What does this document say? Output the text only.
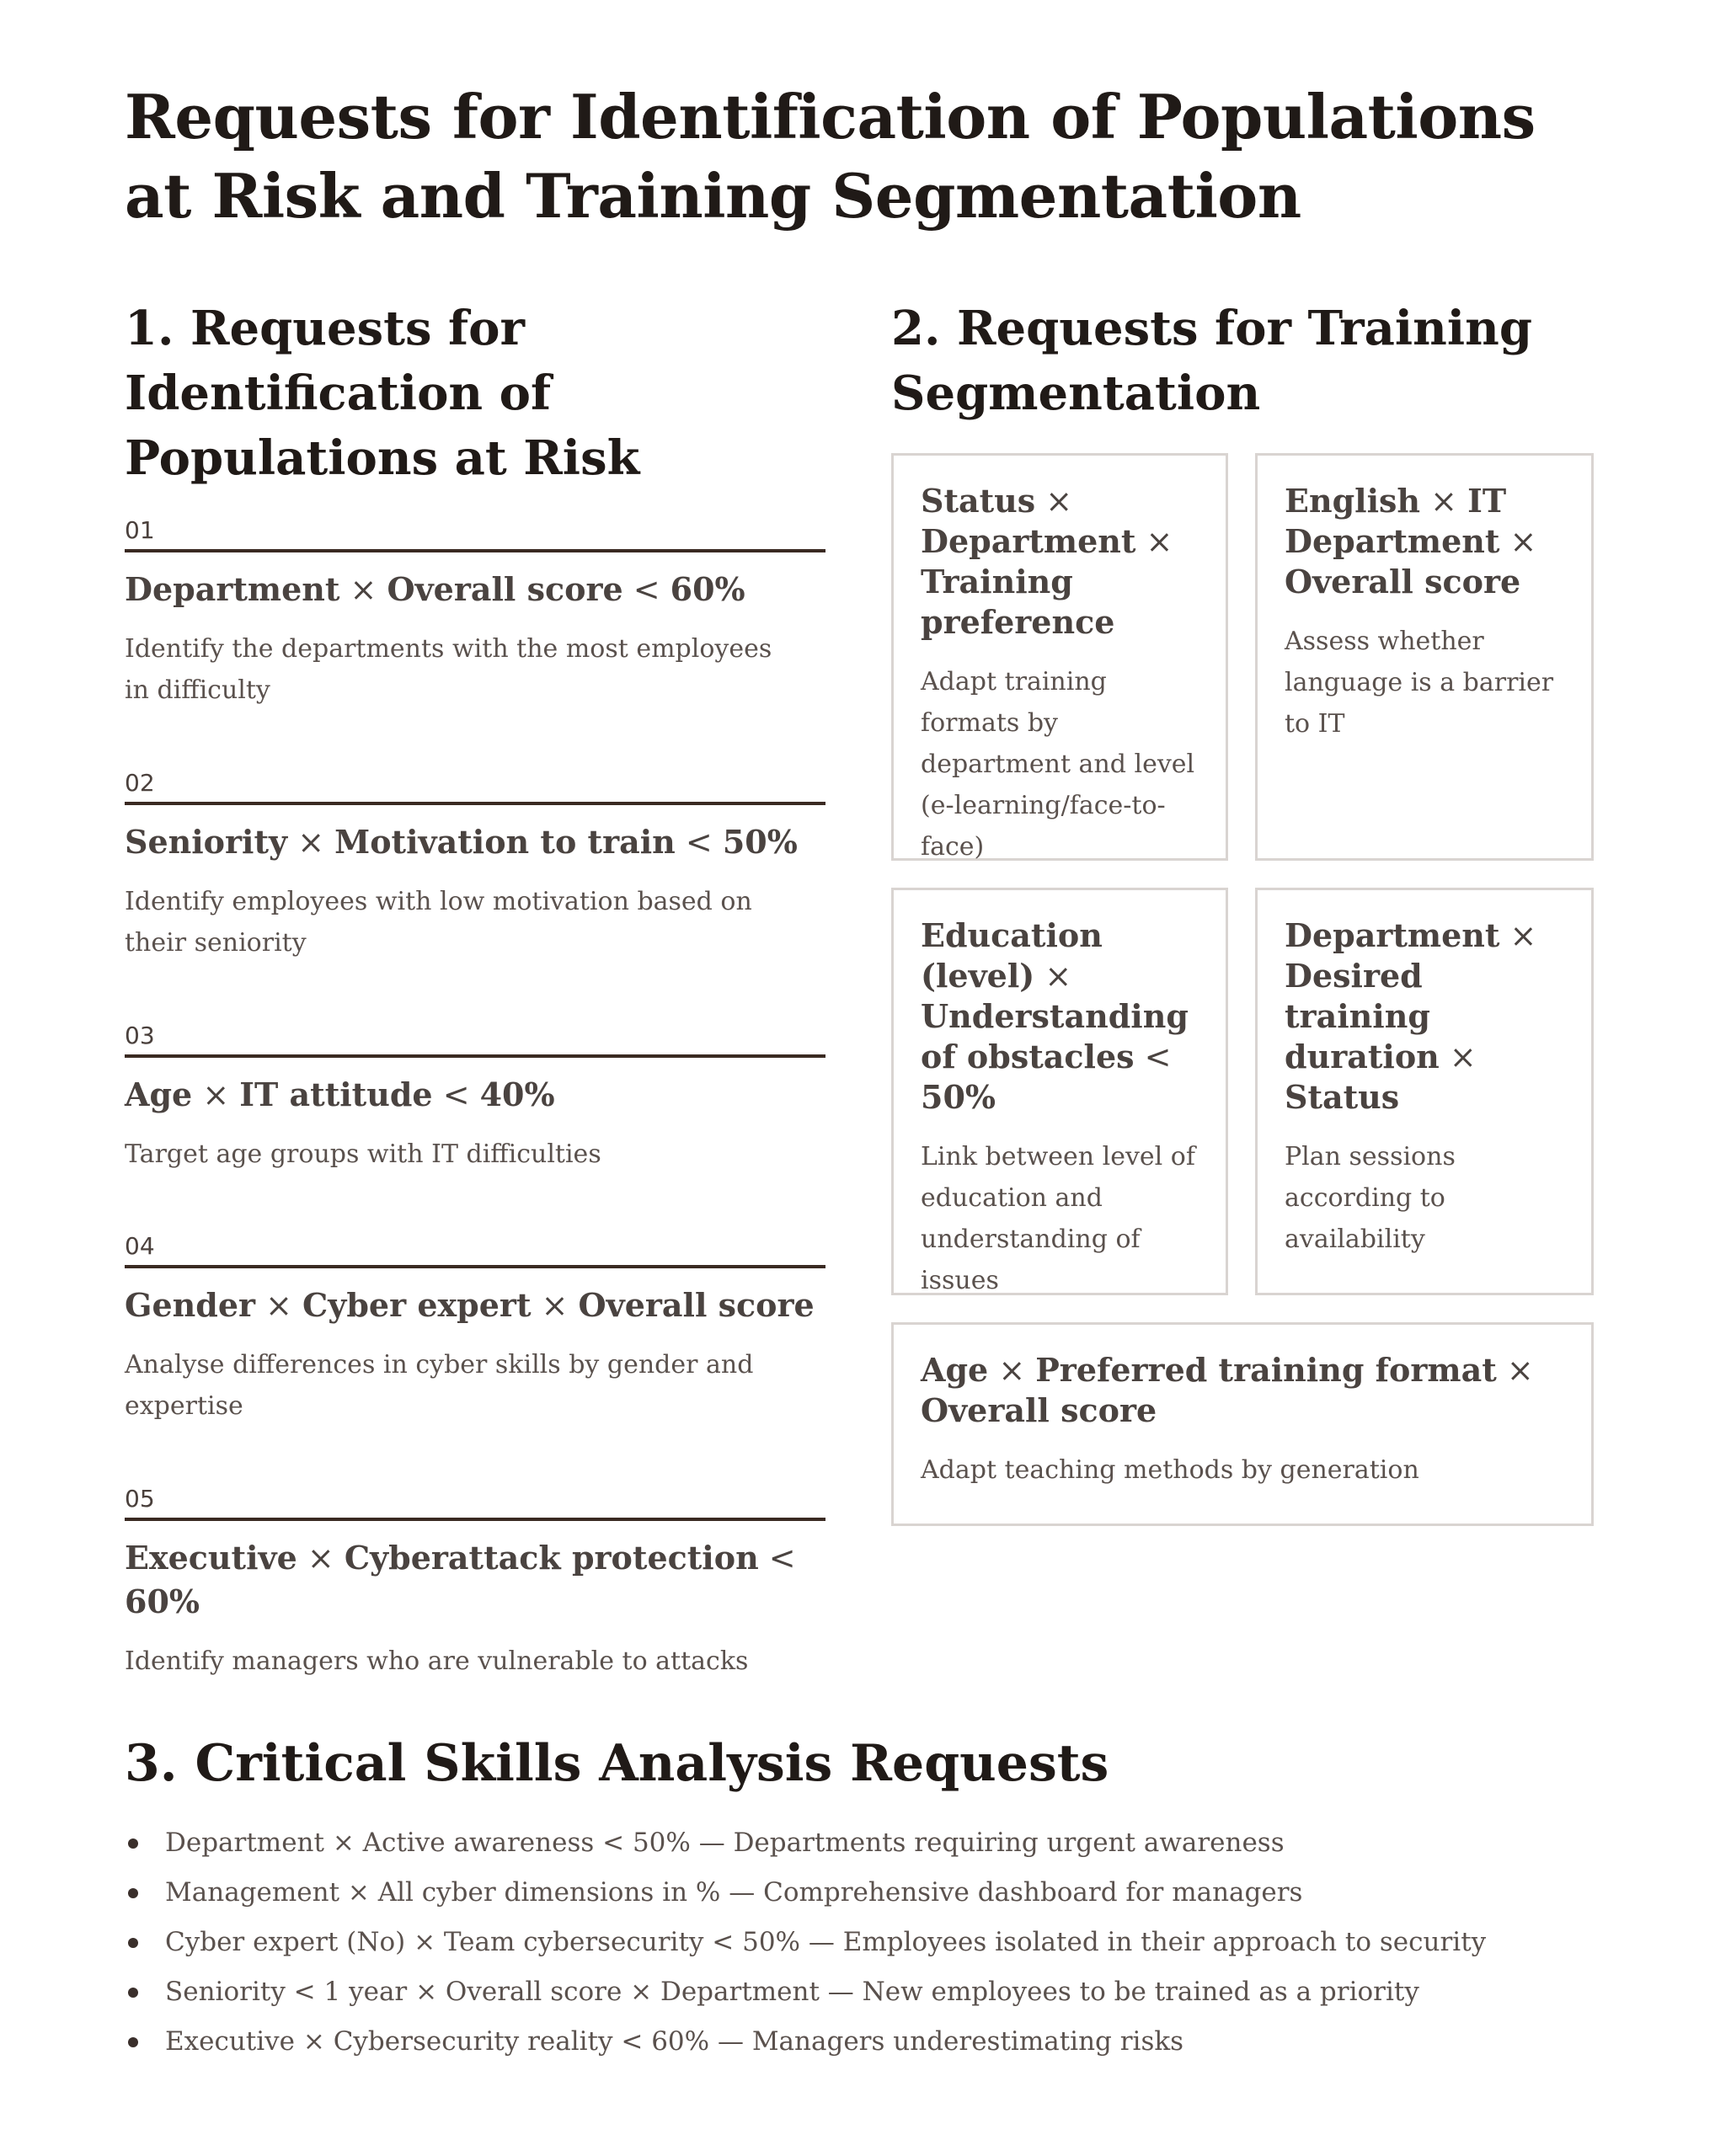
Requests for Identification of Populations at Risk and Training Segmentation
1. Requests for Identification of Populations at Risk
01
Department × Overall score < 60%
Identify the departments with the most employees in difficulty
02
Seniority × Motivation to train < 50%
Identify employees with low motivation based on their seniority
03
Age × IT attitude < 40%
Target age groups with IT difficulties
04
Gender × Cyber expert × Overall score
Analyse differences in cyber skills by gender and expertise
05
Executive × Cyberattack protection < 60%
Identify managers who are vulnerable to attacks
2. Requests for Training Segmentation
Status × Department × Training preference
Adapt training formats by department and level (e-learning/face-to-face)
English × IT Department × Overall score
Assess whether language is a barrier to IT
Education (level) × Understanding of obstacles < 50%
Link between level of education and understanding of issues
Department × Desired training duration × Status
Plan sessions according to availability
Age × Preferred training format × Overall score
Adapt teaching methods by generation
3. Critical Skills Analysis Requests
Department × Active awareness < 50% — Departments requiring urgent awareness
Management × All cyber dimensions in % — Comprehensive dashboard for managers
Cyber expert (No) × Team cybersecurity < 50% — Employees isolated in their approach to security
Seniority < 1 year × Overall score × Department — New employees to be trained as a priority
Executive × Cybersecurity reality < 60% — Managers underestimating risks
